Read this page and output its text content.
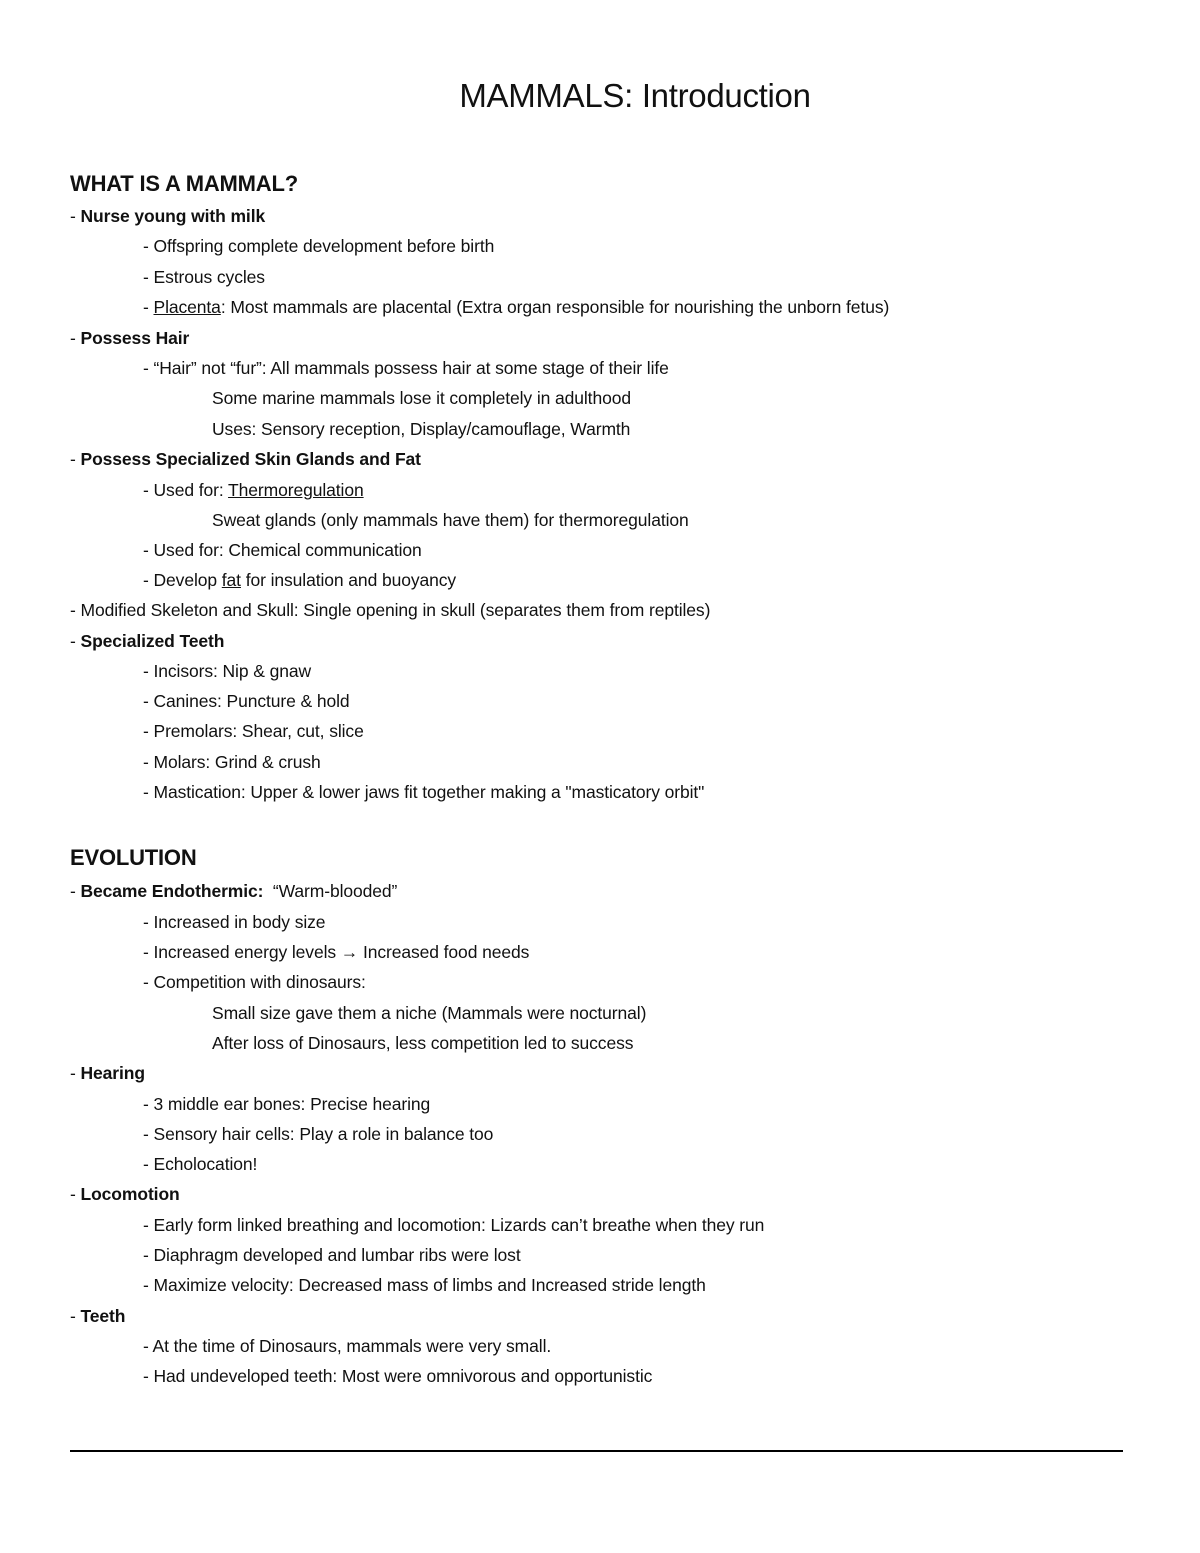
MAMMALS: Introduction
WHAT IS A MAMMAL?
- Nurse young with milk
- Offspring complete development before birth
- Estrous cycles
- Placenta: Most mammals are placental (Extra organ responsible for nourishing the unborn fetus)
- Possess Hair
- “Hair” not “fur”: All mammals possess hair at some stage of their life
Some marine mammals lose it completely in adulthood
Uses: Sensory reception, Display/camouflage, Warmth
- Possess Specialized Skin Glands and Fat
- Used for: Thermoregulation
Sweat glands (only mammals have them) for thermoregulation
- Used for: Chemical communication
- Develop fat for insulation and buoyancy
- Modified Skeleton and Skull: Single opening in skull (separates them from reptiles)
- Specialized Teeth
- Incisors: Nip & gnaw
- Canines: Puncture & hold
- Premolars: Shear, cut, slice
- Molars: Grind & crush
- Mastication: Upper & lower jaws fit together making a "masticatory orbit"
EVOLUTION
- Became Endothermic:  “Warm-blooded”
- Increased in body size
- Increased energy levels → Increased food needs
- Competition with dinosaurs:
Small size gave them a niche (Mammals were nocturnal)
After loss of Dinosaurs, less competition led to success
- Hearing
- 3 middle ear bones: Precise hearing
- Sensory hair cells: Play a role in balance too
- Echolocation!
- Locomotion
- Early form linked breathing and locomotion: Lizards can’t breathe when they run
- Diaphragm developed and lumbar ribs were lost
- Maximize velocity: Decreased mass of limbs and Increased stride length
- Teeth
- At the time of Dinosaurs, mammals were very small.
- Had undeveloped teeth: Most were omnivorous and opportunistic
